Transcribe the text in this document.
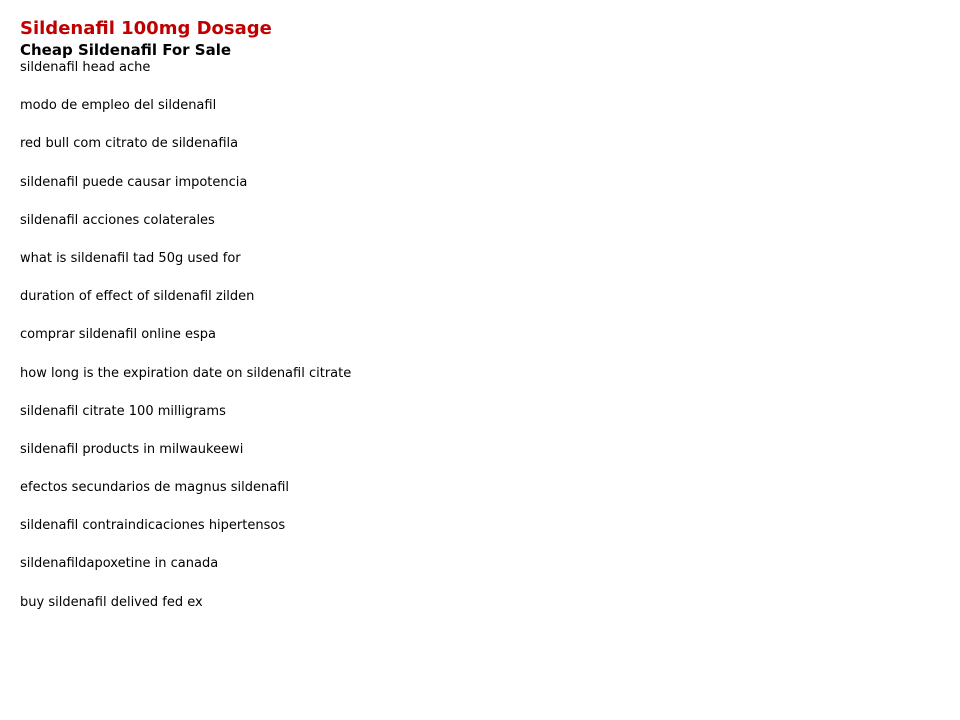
Sildenafil 100mg Dosage
Cheap Sildenafil For Sale
sildenafil head ache
modo de empleo del sildenafil
red bull com citrato de sildenafila
sildenafil puede causar impotencia
sildenafil acciones colaterales
what is sildenafil tad 50g used for
duration of effect of sildenafil zilden
comprar sildenafil online espa
how long is the expiration date on sildenafil citrate
sildenafil citrate 100 milligrams
sildenafil products in milwaukeewi
efectos secundarios de magnus sildenafil
sildenafil contraindicaciones hipertensos
sildenafildapoxetine in canada
buy sildenafil delived fed ex
